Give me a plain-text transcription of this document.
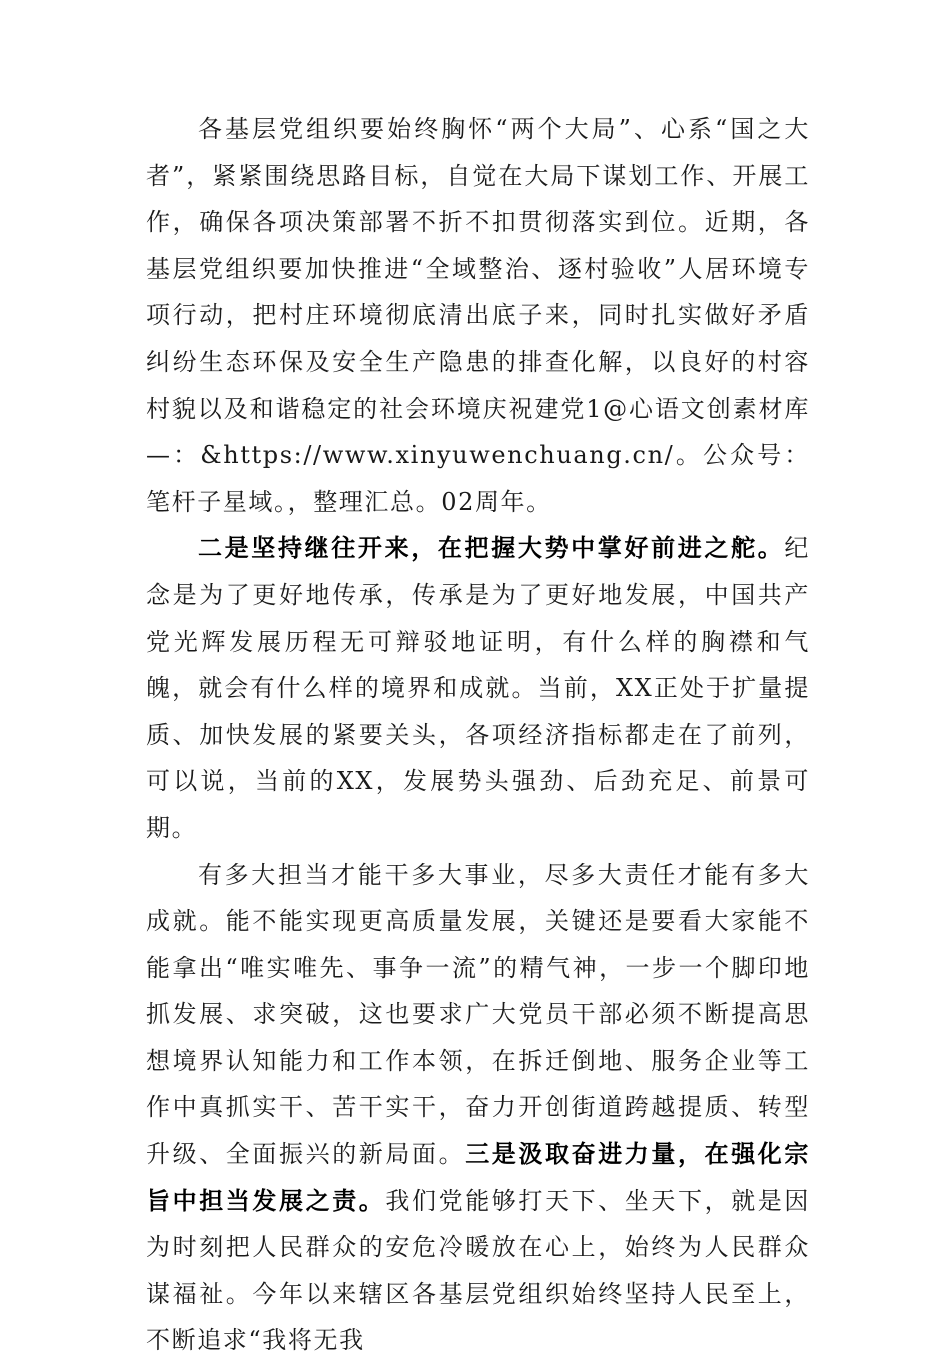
各基层党组织要始终胸怀“两个大局”、心系“国之大者”，紧紧围绕思路目标，自觉在大局下谋划工作、开展工作，确保各项决策部署不折不扣贯彻落实到位。近期，各基层党组织要加快推进“全域整治、逐村验收”人居环境专项行动，把村庄环境彻底清出底子来，同时扎实做好矛盾纠纷生态环保及安全生产隐患的排查化解，以良好的村容村貌以及和谐稳定的社会环境庆祝建党1@心语文创素材库—：&https://www.xinyuwenchuang.cn/。公众号：笔杆子星域。，整理汇总。02周年。

二是坚持继往开来，在把握大势中掌好前进之舵。纪念是为了更好地传承，传承是为了更好地发展，中国共产党光辉发展历程无可辩驳地证明，有什么样的胸襟和气魄，就会有什么样的境界和成就。当前，XX正处于扩量提质、加快发展的紧要关头，各项经济指标都走在了前列，可以说，当前的XX，发展势头强劲、后劲充足、前景可期。

有多大担当才能干多大事业，尽多大责任才能有多大成就。能不能实现更高质量发展，关键还是要看大家能不能拿出“唯实唯先、事争一流”的精气神，一步一个脚印地抓发展、求突破，这也要求广大党员干部必须不断提高思想境界认知能力和工作本领，在拆迁倒地、服务企业等工作中真抓实干、苦干实干，奋力开创街道跨越提质、转型升级、全面振兴的新局面。三是汲取奋进力量，在强化宗旨中担当发展之责。我们党能够打天下、坐天下，就是因为时刻把人民群众的安危冷暖放在心上，始终为人民群众谋福祉。今年以来辖区各基层党组织始终坚持人民至上，不断追求“我将无我
